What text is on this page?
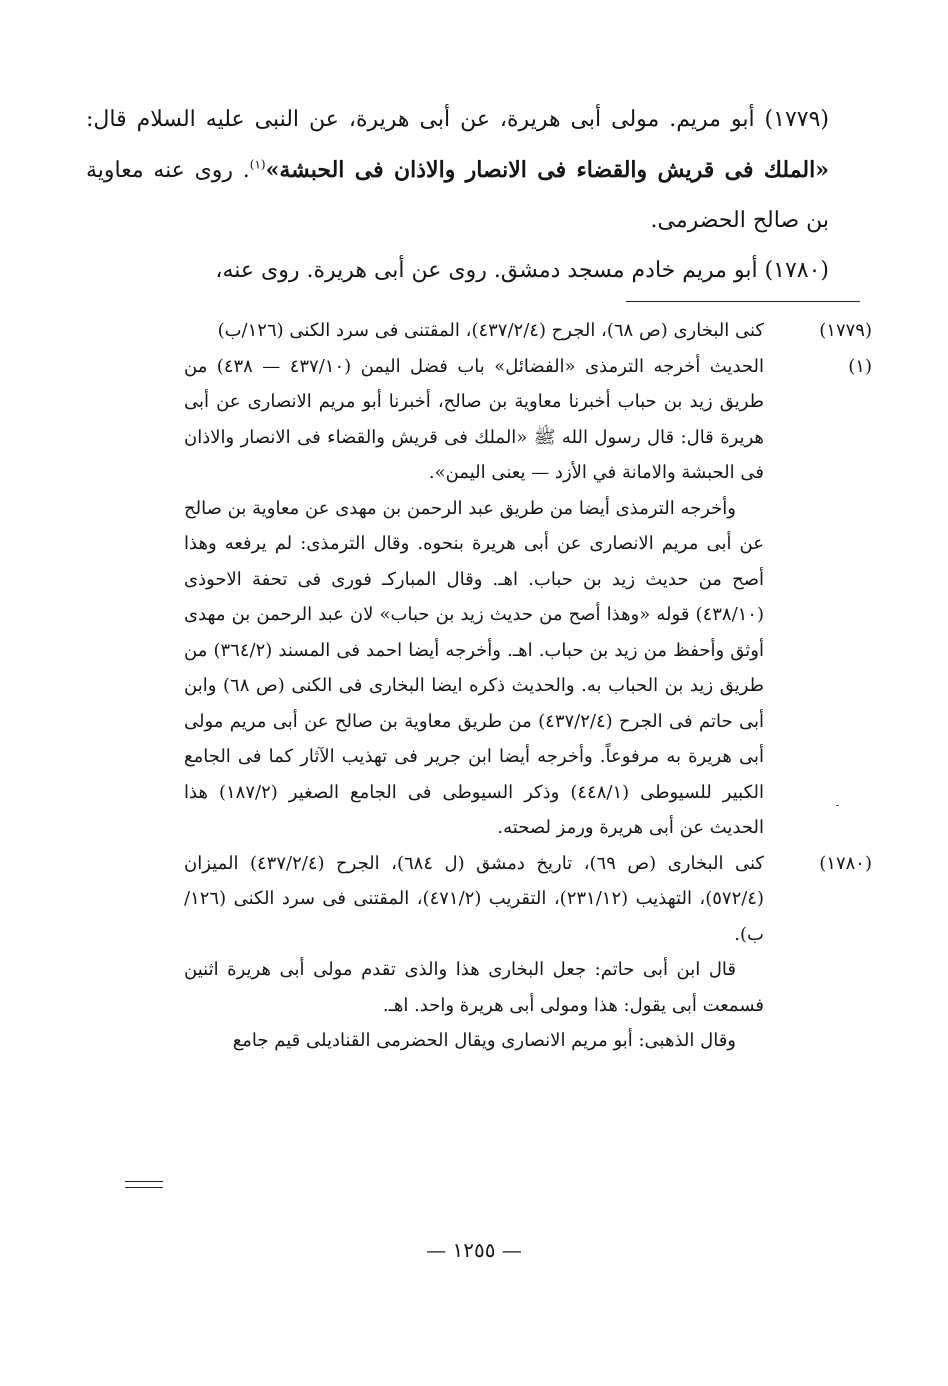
(١٧٧٩) أبو مريم. مولى أبى هريرة، عن أبى هريرة، عن النبى عليه السلام قال: «الملك فى قريش والقضاء فى الانصار والاذان فى الحبشة»$^{(١)}$. روى عنه معاوية بن صالح الحضرمى.

(١٧٨٠) أبو مريم خادم مسجد دمشق. روى عن أبى هريرة. روى عنه،

(١٧٧٩)

كنى البخارى (ص ٦٨)، الجرح (٤٣٧/٢/٤)، المقتنى فى سرد الكنى (١٢٦/ب)

(١)

الحديث أخرجه الترمذى «الفضائل» باب فضل اليمن (٤٣٧/١٠ — ٤٣٨) من طريق زيد بن حباب أخبرنا معاوية بن صالح، أخبرنا أبو مريم الانصارى عن أبى هريرة قال: قال رسول الله ﷺ «الملك فى قريش والقضاء فى الانصار والاذان فى الحبشة والامانة في الأزد — يعنى اليمن».

وأخرجه الترمذى أيضا من طريق عبد الرحمن بن مهدى عن معاوية بن صالح عن أبى مريم الانصارى عن أبى هريرة بنحوه. وقال الترمذى: لم يرفعه وهذا أصح من حديث زيد بن حباب. اهـ. وقال المباركـ فورى فى تحفة الاحوذى (٤٣٨/١٠) قوله «وهذا أصح من حديث زيد بن حباب» لان عبد الرحمن بن مهدى أوثق وأحفظ من زيد بن حباب. اهـ. وأخرجه أيضا احمد فى المسند (٣٦٤/٢) من طريق زيد بن الحباب به. والحديث ذكره ايضا البخارى فى الكنى (ص ٦٨) وابن أبى حاتم فى الجرح (٤٣٧/٢/٤) من طريق معاوية بن صالح عن أبى مريم مولى أبى هريرة به مرفوعاً. وأخرجه أيضا ابن جرير فى تهذيب الآثار كما فى الجامع الكبير للسيوطى (٤٤٨/١) وذكر السيوطى فى الجامع الصغير (١٨٧/٢) هذا الحديث عن أبى هريرة ورمز لصحته.

(١٧٨٠)

كنى البخارى (ص ٦٩)، تاريخ دمشق (ل ٦٨٤)، الجرح (٤٣٧/٢/٤) الميزان (٥٧٢/٤)، التهذيب (٢٣١/١٢)، التقريب (٤٧١/٢)، المقتنى فى سرد الكنى (١٢٦/ب).

قال ابن أبى حاتم: جعل البخارى هذا والذى تقدم مولى أبى هريرة اثنين فسمعت أبى يقول: هذا ومولى أبى هريرة واحد. اهـ.

وقال الذهبى: أبو مريم الانصارى ويقال الحضرمى القناديلى قيم جامع

— ١٢٥٥ —
